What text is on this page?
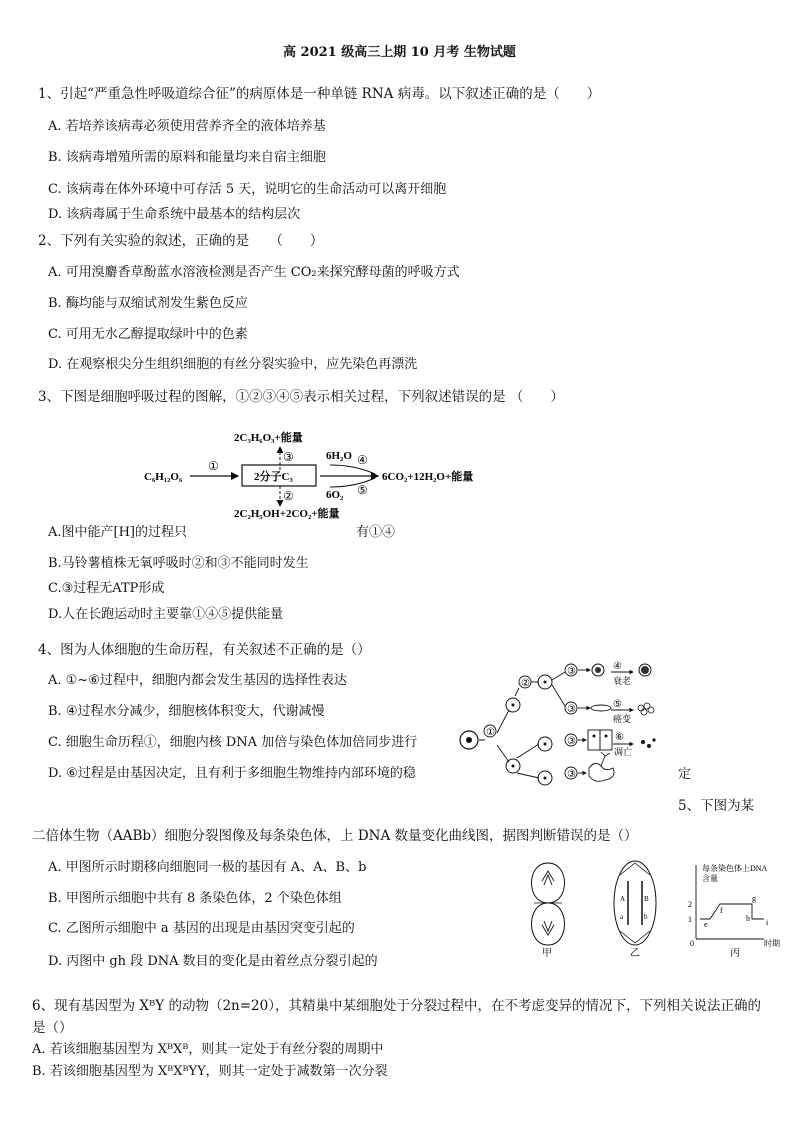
高 2021 级高三上期 10 月考 生物试题
1、引起“严重急性呼吸道综合征”的病原体是一种单链 RNA 病毒。以下叙述正确的是（　　）
A. 若培养该病毒必须使用营养齐全的液体培养基
B. 该病毒增殖所需的原料和能量均来自宿主细胞
C. 该病毒在体外环境中可存活 5 天，说明它的生命活动可以离开细胞
D. 该病毒属于生命系统中最基本的结构层次
2、下列有关实验的叙述，正确的是　　（　　）
A. 可用溴麝香草酚蓝水溶液检测是否产生 CO₂来探究酵母菌的呼吸方式
B. 酶均能与双缩试剂发生紫色反应
C. 可用无水乙醇提取绿叶中的色素
D. 在观察根尖分生组织细胞的有丝分裂实验中，应先染色再漂洗
3、下图是细胞呼吸过程的图解，①②③④⑤表示相关过程，下列叙述错误的是 （　　）
2C₃H₆O₃+能量
③
C₆H₁₂O₆
①
2分子C₃
6H₂O ④
6O₂ ⑤
6CO₂+12H₂O+能量
②
2C₂H₅OH+2CO₂+能量
A.图中能产[H]的过程只	有①④
B.马铃薯植株无氧呼吸时②和③不能同时发生
C.③过程无ATP形成
D.人在长跑运动时主要靠①④⑤提供能量
4、图为人体细胞的生命历程，有关叙述不正确的是（）
A. ①~⑥过程中，细胞内都会发生基因的选择性表达
B. ④过程水分减少，细胞核体积变大，代谢减慢
C. 细胞生命历程①，细胞内核 DNA 加倍与染色体加倍同步进行
D. ⑥过程是由基因决定，且有利于多细胞生物维持内部环境的稳	定
①
②
③	④
衰老
③	⑤
癌变
③	⑥
凋亡
③
5、下图为某
二倍体生物（AABb）细胞分裂图像及每条染色体，上 DNA 数量变化曲线图，据图判断错误的是（）
A. 甲图所示时期移向细胞同一极的基因有 A、A、B、b
B. 甲图所示细胞中共有 8 条染色体，2 个染色体组
C. 乙图所示细胞中 a 基因的出现是由基因突变引起的
D. 丙图中 gh 段 DNA 数目的变化是由着丝点分裂引起的
甲
A
a
B
b
乙
每条染色体上DNA
含量
2
1
0
e
f
g
h i
时期
丙
6、现有基因型为 XᴮY 的动物（2n=20），其精巢中某细胞处于分裂过程中，在不考虑变异的情况下，下列相关说法正确的
是（）
A. 若该细胞基因型为 XᴮXᴮ，则其一定处于有丝分裂的周期中
B. 若该细胞基因型为 XᴮXᴮYY，则其一定处于减数第一次分裂
